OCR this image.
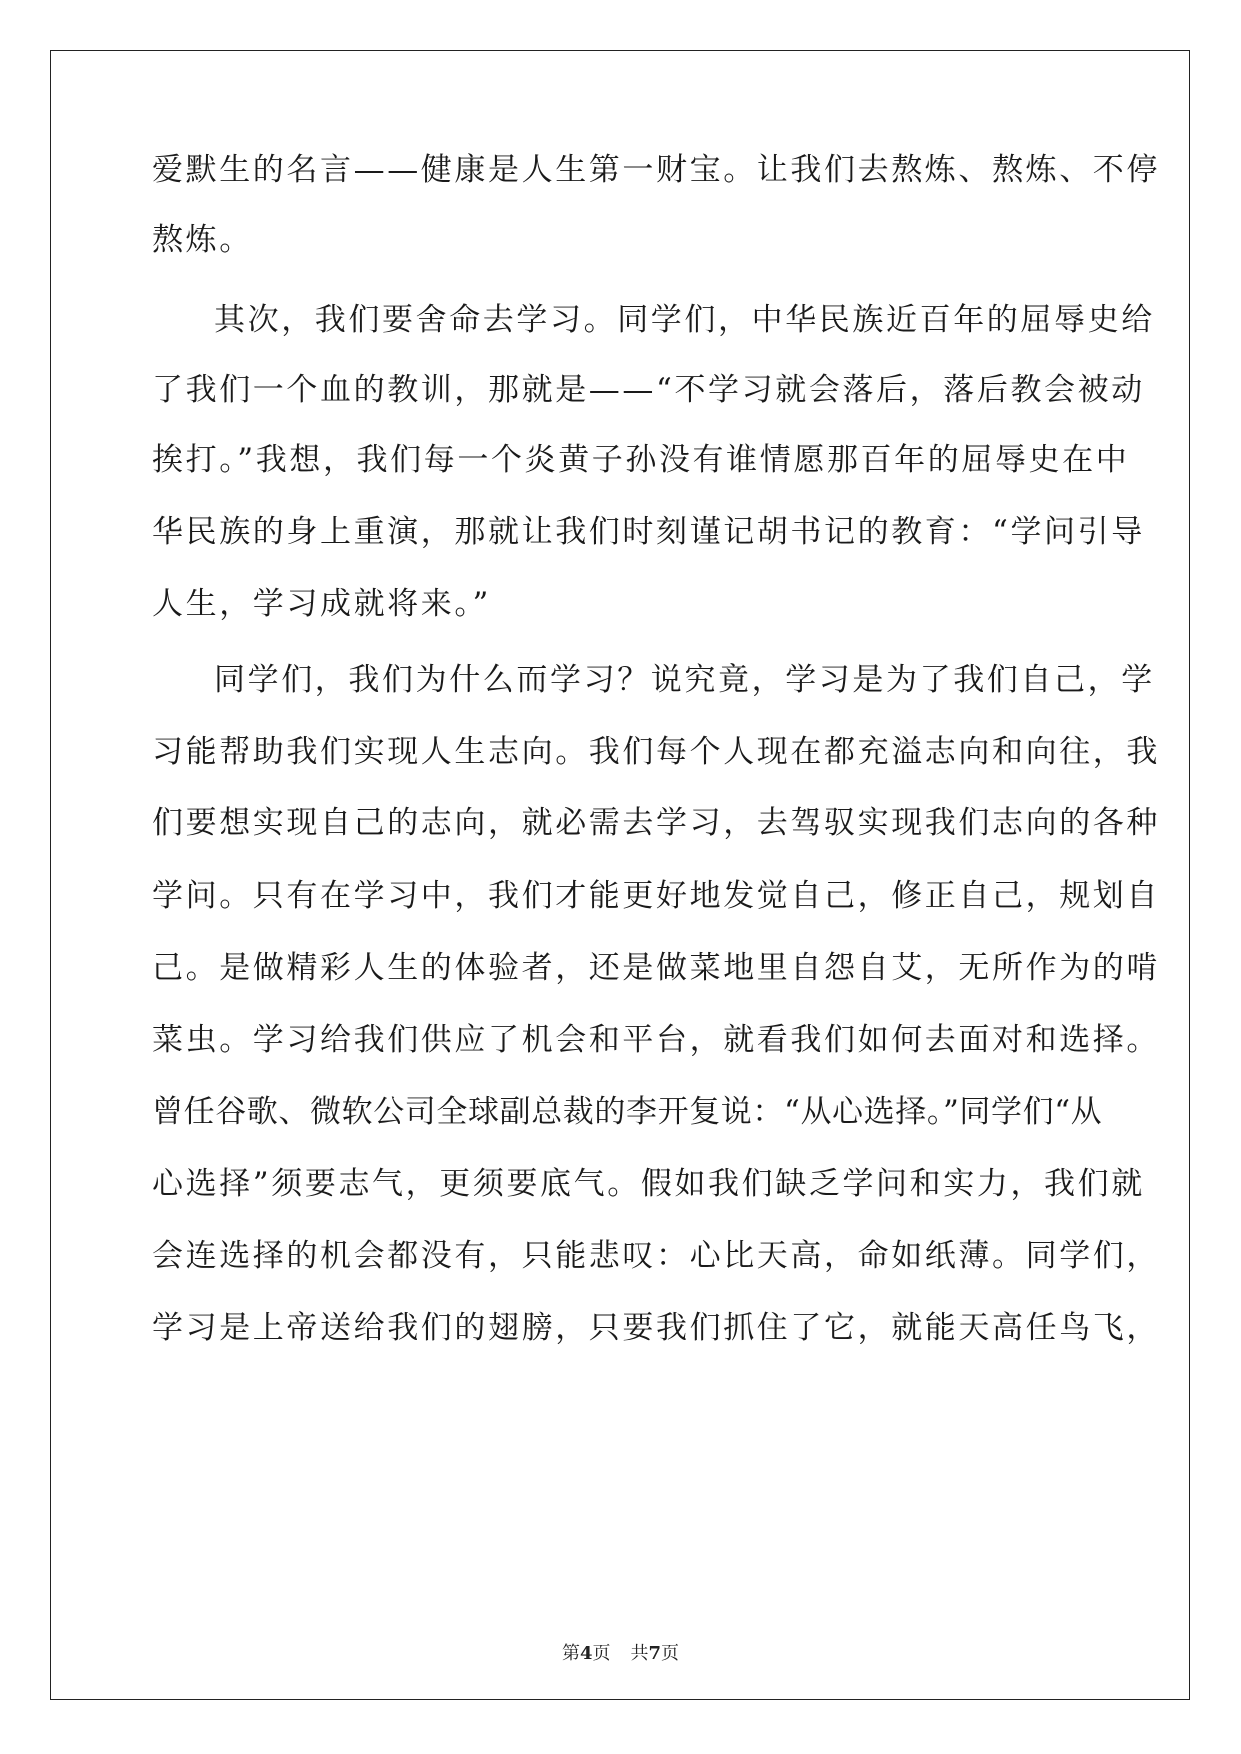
爱默生的名言——健康是人生第一财宝。让我们去熬炼、熬炼、不停
熬炼。
其次，我们要舍命去学习。同学们，中华民族近百年的屈辱史给
了我们一个血的教训，那就是——“不学习就会落后，落后教会被动
挨打。”我想，我们每一个炎黄子孙没有谁情愿那百年的屈辱史在中
华民族的身上重演，那就让我们时刻谨记胡书记的教育：“学问引导
人生，学习成就将来。”
同学们，我们为什么而学习？说究竟，学习是为了我们自己，学
习能帮助我们实现人生志向。我们每个人现在都充溢志向和向往，我
们要想实现自己的志向，就必需去学习，去驾驭实现我们志向的各种
学问。只有在学习中，我们才能更好地发觉自己，修正自己，规划自
己。是做精彩人生的体验者，还是做菜地里自怨自艾，无所作为的啃
菜虫。学习给我们供应了机会和平台，就看我们如何去面对和选择。
曾任谷歌、微软公司全球副总裁的李开复说：“从心选择。”同学们“从
心选择”须要志气，更须要底气。假如我们缺乏学问和实力，我们就
会连选择的机会都没有，只能悲叹：心比天高，命如纸薄。同学们，
学习是上帝送给我们的翅膀，只要我们抓住了它，就能天高任鸟飞，
第4页 共7页
